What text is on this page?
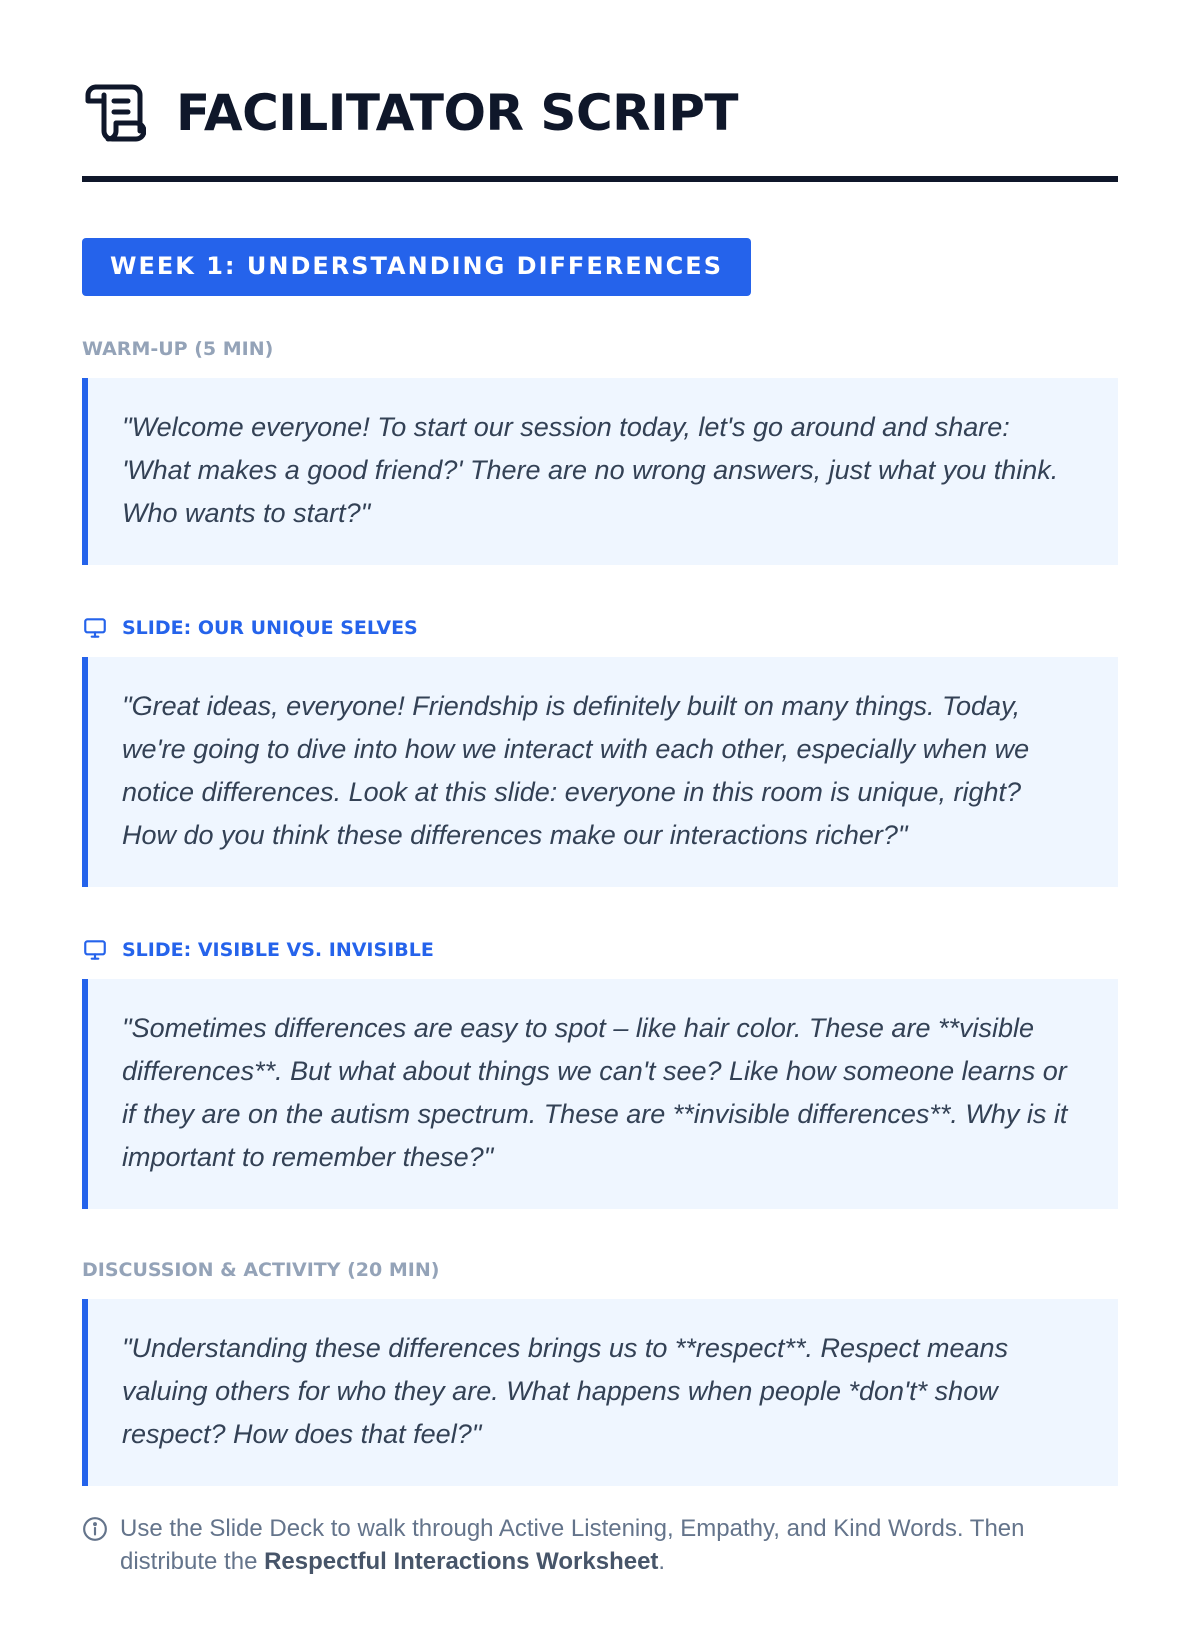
FACILITATOR SCRIPT
WEEK 1: UNDERSTANDING DIFFERENCES
WARM-UP (5 MIN)
"Welcome everyone! To start our session today, let's go around and share: 'What makes a good friend?' There are no wrong answers, just what you think. Who wants to start?"
SLIDE: OUR UNIQUE SELVES
"Great ideas, everyone! Friendship is definitely built on many things. Today, we're going to dive into how we interact with each other, especially when we notice differences. Look at this slide: everyone in this room is unique, right? How do you think these differences make our interactions richer?"
SLIDE: VISIBLE VS. INVISIBLE
"Sometimes differences are easy to spot – like hair color. These are **visible differences**. But what about things we can't see? Like how someone learns or if they are on the autism spectrum. These are **invisible differences**. Why is it important to remember these?"
DISCUSSION & ACTIVITY (20 MIN)
"Understanding these differences brings us to **respect**. Respect means valuing others for who they are. What happens when people *don't* show respect? How does that feel?"
Use the Slide Deck to walk through Active Listening, Empathy, and Kind Words. Then distribute the Respectful Interactions Worksheet.
